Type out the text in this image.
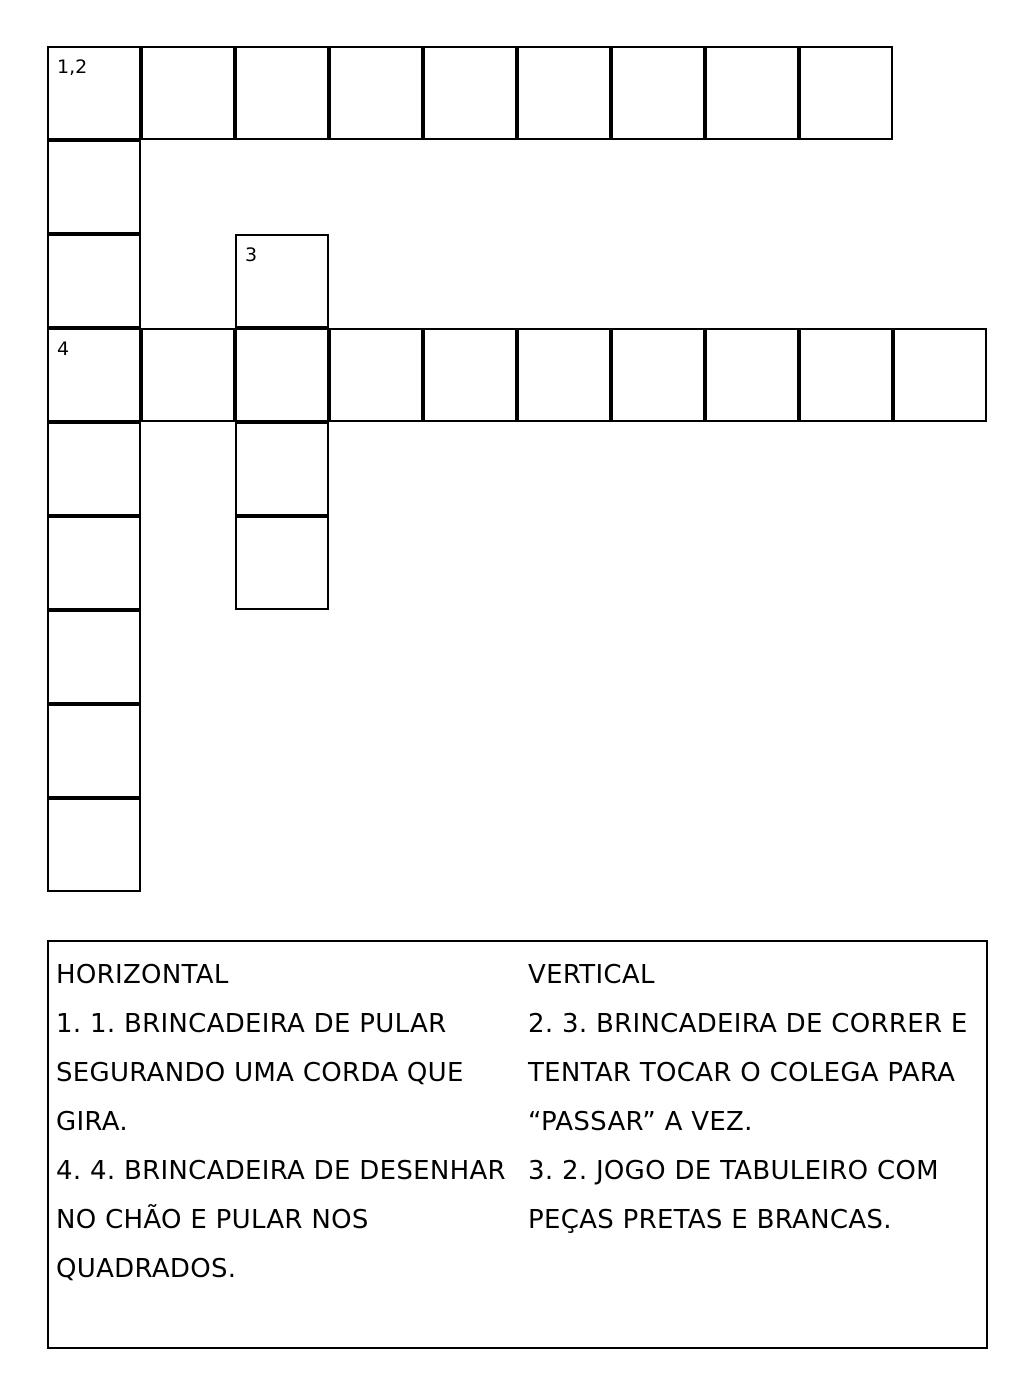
1,2
3
4
HORIZONTAL
1. 1. BRINCADEIRA DE PULAR SEGURANDO UMA CORDA QUE GIRA.
4. 4. BRINCADEIRA DE DESENHAR NO CHÃO E PULAR NOS QUADRADOS.
VERTICAL
2. 3. BRINCADEIRA DE CORRER E TENTAR TOCAR O COLEGA PARA “PASSAR” A VEZ.
3. 2. JOGO DE TABULEIRO COM PEÇAS PRETAS E BRANCAS.
